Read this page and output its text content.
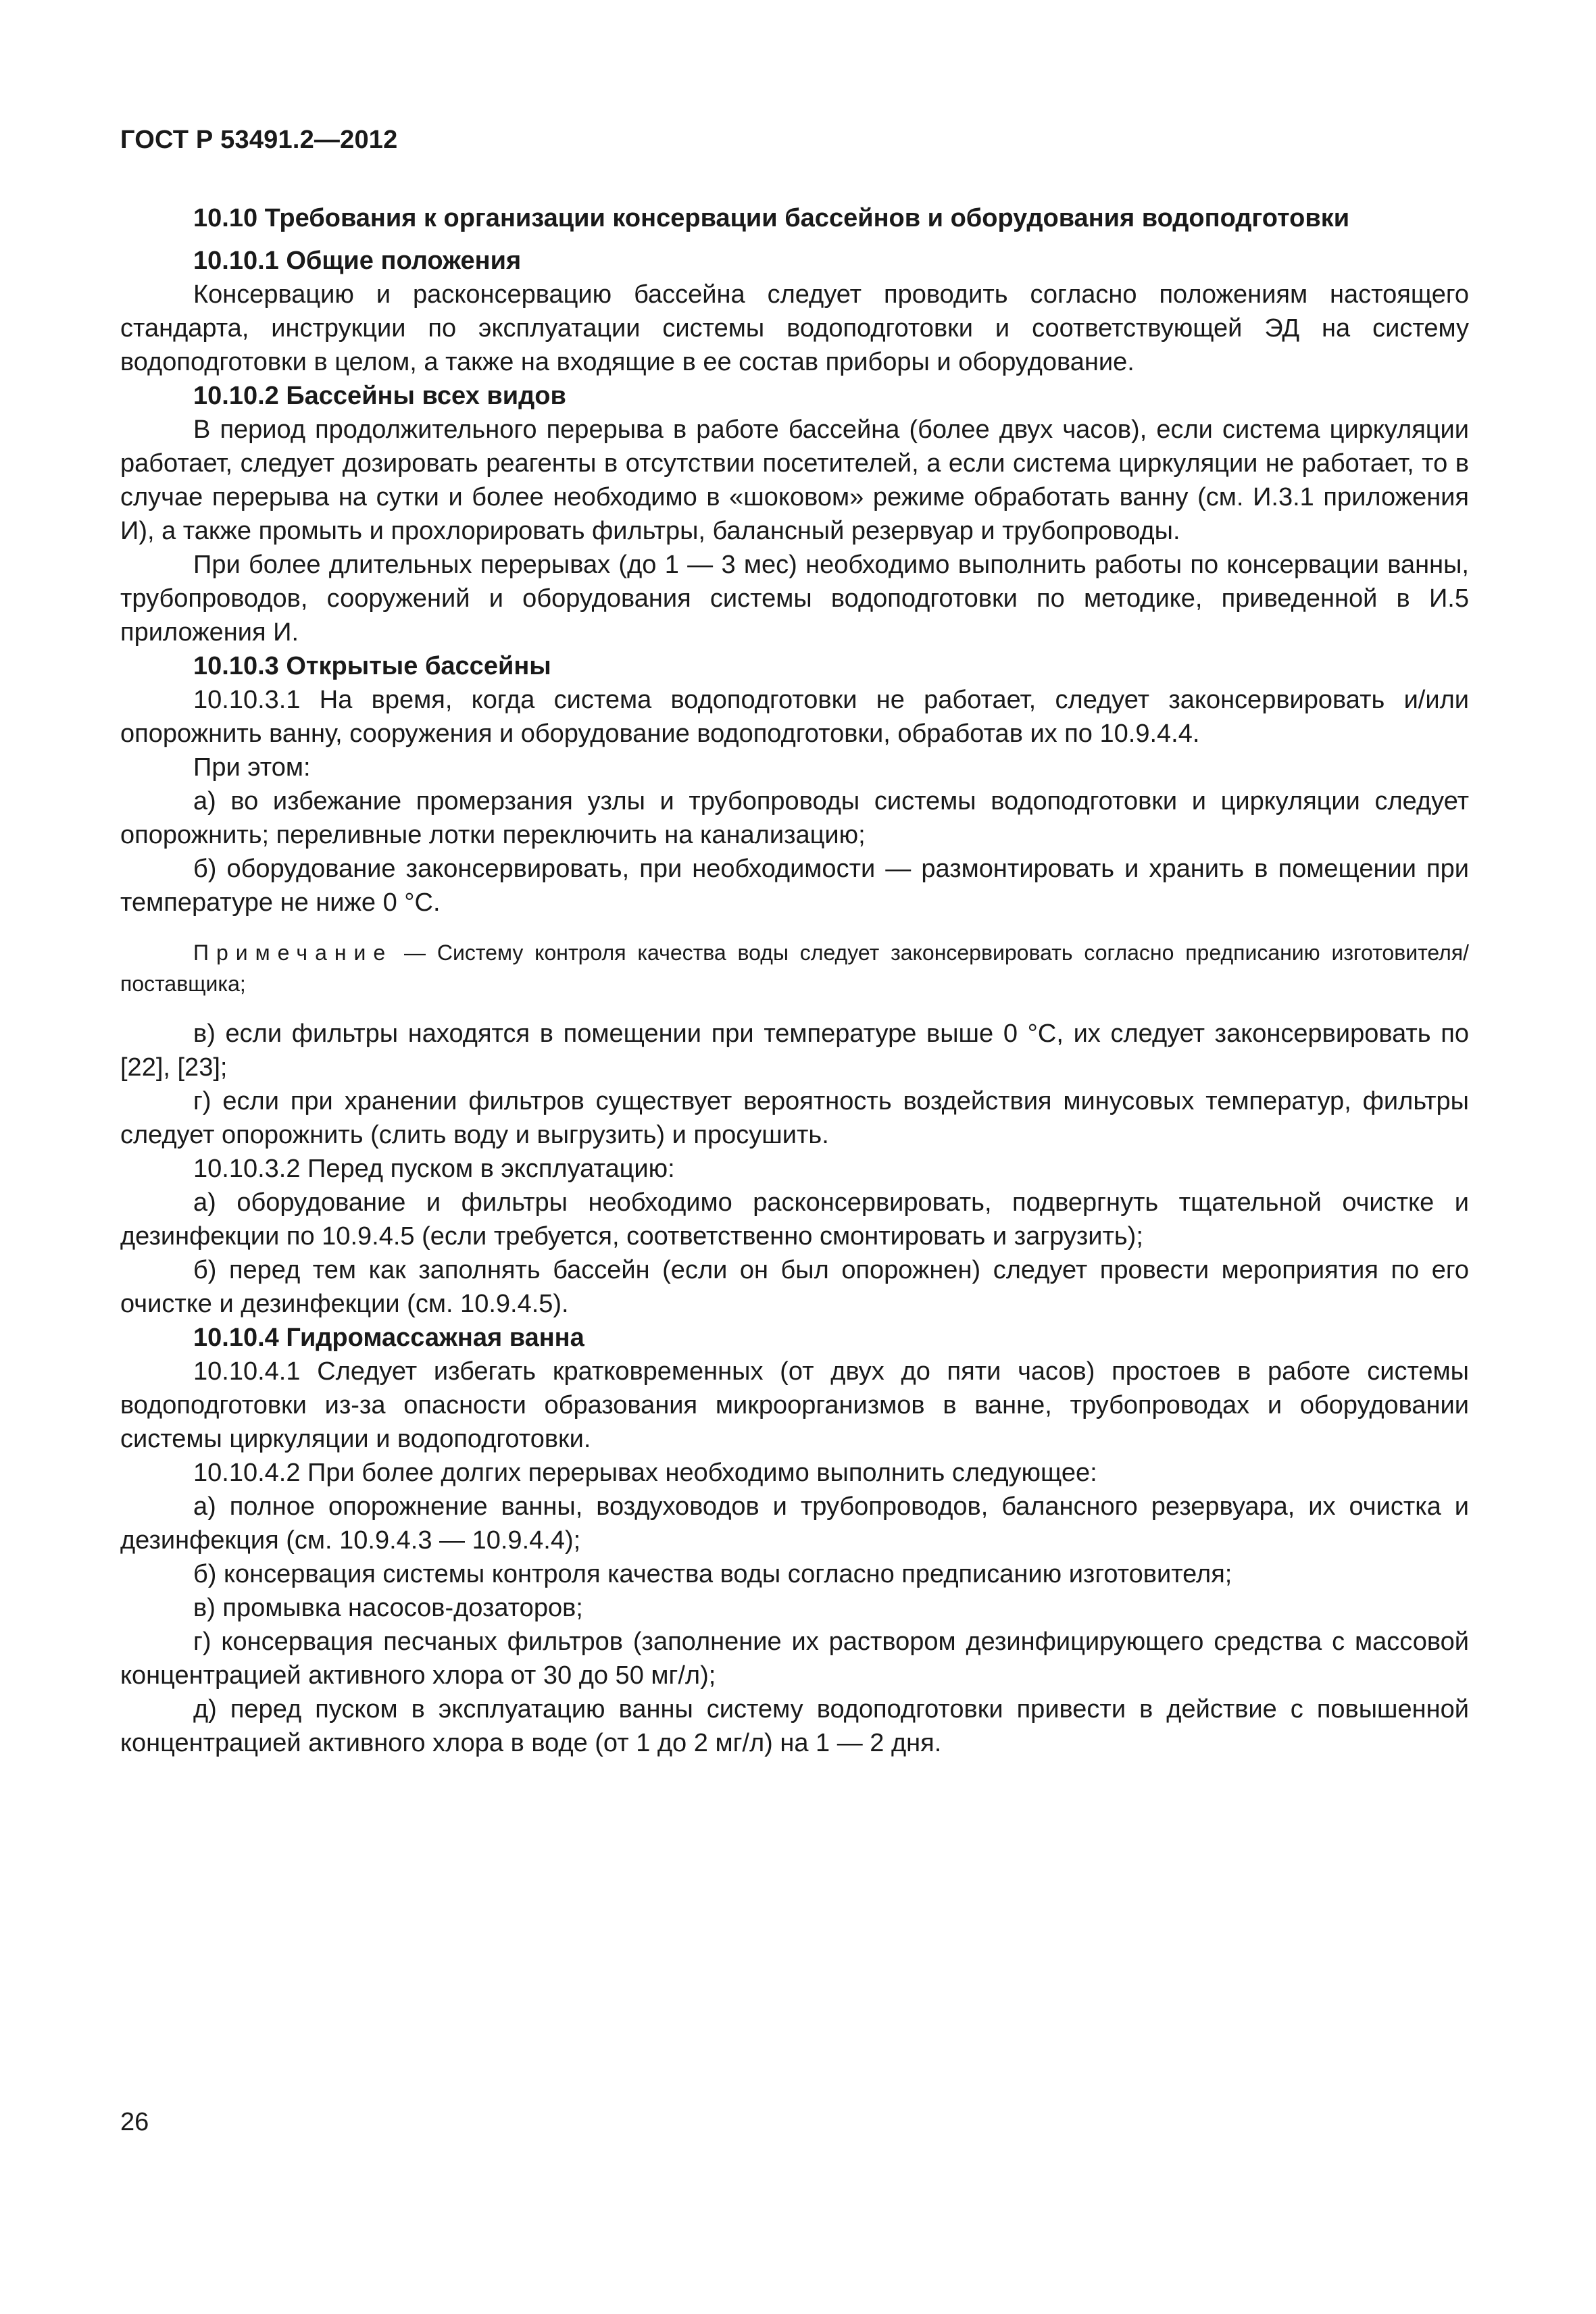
ГОСТ Р 53491.2—2012
10.10 Требования к организации консервации бассейнов и оборудования водоподготовки
10.10.1 Общие положения

Консервацию и расконсервацию бассейна следует проводить согласно положениям настоящего стандарта, инструкции по эксплуатации системы водоподготовки и соответствующей ЭД на систему водоподготовки в целом, а также на входящие в ее состав приборы и оборудование.

10.10.2 Бассейны всех видов

В период продолжительного перерыва в работе бассейна (более двух часов), если система циркуляции работает, следует дозировать реагенты в отсутствии посетителей, а если система циркуляции не работает, то в случае перерыва на сутки и более необходимо в «шоковом» режиме обработать ванну (см. И.3.1 приложения И), а также промыть и прохлорировать фильтры, балансный резервуар и трубопроводы.

При более длительных перерывах (до 1 — 3 мес) необходимо выполнить работы по консервации ванны, трубопроводов, сооружений и оборудования системы водоподготовки по методике, приведенной в И.5 приложения И.

10.10.3 Открытые бассейны

10.10.3.1 На время, когда система водоподготовки не работает, следует законсервировать и/или опорожнить ванну, сооружения и оборудование водоподготовки, обработав их по 10.9.4.4.

При этом:

а) во избежание промерзания узлы и трубопроводы системы водоподготовки и циркуляции следует опорожнить; переливные лотки переключить на канализацию;

б) оборудование законсервировать, при необходимости — размонтировать и хранить в помещении при температуре не ниже 0 °С.

Примечание — Систему контроля качества воды следует законсервировать согласно предписанию изготовителя/поставщика;

в) если фильтры находятся в помещении при температуре выше 0 °С, их следует законсервировать по [22], [23];

г) если при хранении фильтров существует вероятность воздействия минусовых температур, фильтры следует опорожнить (слить воду и выгрузить) и просушить.

10.10.3.2 Перед пуском в эксплуатацию:

а) оборудование и фильтры необходимо расконсервировать, подвергнуть тщательной очистке и дезинфекции по 10.9.4.5 (если требуется, соответственно смонтировать и загрузить);

б) перед тем как заполнять бассейн (если он был опорожнен) следует провести мероприятия по его очистке и дезинфекции (см. 10.9.4.5).

10.10.4 Гидромассажная ванна

10.10.4.1 Следует избегать кратковременных (от двух до пяти часов) простоев в работе системы водоподготовки из-за опасности образования микроорганизмов в ванне, трубопроводах и оборудовании системы циркуляции и водоподготовки.

10.10.4.2 При более долгих перерывах необходимо выполнить следующее:

а) полное опорожнение ванны, воздуховодов и трубопроводов, балансного резервуара, их очистка и дезинфекция (см. 10.9.4.3 — 10.9.4.4);

б) консервация системы контроля качества воды согласно предписанию изготовителя;

в) промывка насосов-дозаторов;

г) консервация песчаных фильтров (заполнение их раствором дезинфицирующего средства с массовой концентрацией активного хлора от 30 до 50 мг/л);

д) перед пуском в эксплуатацию ванны систему водоподготовки привести в действие с повышенной концентрацией активного хлора в воде (от 1 до 2 мг/л) на 1 — 2 дня.

26
